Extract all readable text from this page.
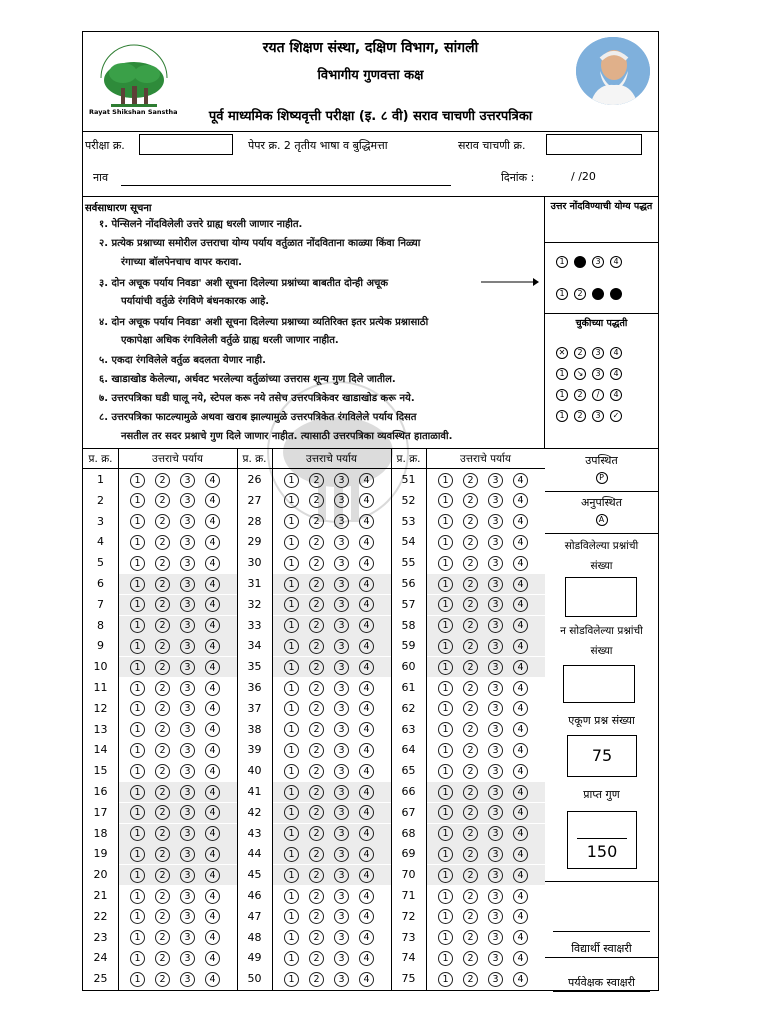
Rayat Shikshan Sanstha
रयत शिक्षण संस्था, दक्षिण विभाग, सांगली
विभागीय गुणवत्ता कक्ष
पूर्व माध्यमिक शिष्यवृत्ती परीक्षा (इ. ८ वी) सराव चाचणी उत्तरपत्रिका
परीक्षा क्र.	पेपर क्र. 2 तृतीय भाषा व बुद्धिमत्ता	सराव चाचणी क्र.
नाव	दिनांक :	/ /20
सर्वसाधारण सूचना
१. पेन्सिलने नोंदविलेली उत्तरे ग्राह्य धरली जाणार नाहीत.
२. प्रत्येक प्रश्नाच्या समोरील उत्तराचा योग्य पर्याय वर्तुळात नोंदविताना काळ्या किंवा निळ्या
रंगाच्या बॉलपेनचाच वापर करावा.
३. दोन अचूक पर्याय निवडा' अशी सूचना दिलेल्या प्रश्नांच्या बाबतीत दोन्ही अचूक
पर्यायांची वर्तुळे रंगविणे बंधनकारक आहे.
४. दोन अचूक पर्याय निवडा' अशी सूचना दिलेल्या प्रश्नाच्या व्यतिरिक्त इतर प्रत्येक प्रश्नासाठी
एकापेक्षा अधिक रंगविलेली वर्तुळे ग्राह्य धरली जाणार नाहीत.
५. एकदा रंगविलेले वर्तुळ बदलता येणार नाही.
६. खाडाखोड केलेल्या, अर्धवट भरलेल्या वर्तुळांच्या उत्तरास शून्य गुण दिले जातील.
७. उत्तरपत्रिका घडी घालू नये, स्टेपल करू नये तसेच उत्तरपत्रिकेवर खाडाखोड करू नये.
८. उत्तरपत्रिका फाटल्यामुळे अथवा खराब झाल्यामुळे उत्तरपत्रिकेत रंगविलेले पर्याय दिसत
नसतील तर सदर प्रश्नाचे गुण दिले जाणार नाहीत. त्यासाठी उत्तरपत्रिका व्यवस्थित हाताळावी.
उत्तर नोंदविण्याची योग्य पद्धत
1	3 4
1 2
चुकीच्या पद्धती
✕ 2 3 4
1 ↘ 3 4
1 2 / 4
1 2 3 ✓
प्र. क्र.	उत्तराचे पर्याय
1	1 2 3 4
2	1 2 3 4
3	1 2 3 4
4	1 2 3 4
5	1 2 3 4
6	1 2 3 4
7	1 2 3 4
8	1 2 3 4
9	1 2 3 4
10	1 2 3 4
11	1 2 3 4
12	1 2 3 4
13	1 2 3 4
14	1 2 3 4
15	1 2 3 4
16	1 2 3 4
17	1 2 3 4
18	1 2 3 4
19	1 2 3 4
20	1 2 3 4
21	1 2 3 4
22	1 2 3 4
23	1 2 3 4
24	1 2 3 4
25	1 2 3 4
प्र. क्र.	उत्तराचे पर्याय
26	1 2 3 4
27	1 2 3 4
28	1 2 3 4
29	1 2 3 4
30	1 2 3 4
31	1 2 3 4
32	1 2 3 4
33	1 2 3 4
34	1 2 3 4
35	1 2 3 4
36	1 2 3 4
37	1 2 3 4
38	1 2 3 4
39	1 2 3 4
40	1 2 3 4
41	1 2 3 4
42	1 2 3 4
43	1 2 3 4
44	1 2 3 4
45	1 2 3 4
46	1 2 3 4
47	1 2 3 4
48	1 2 3 4
49	1 2 3 4
50	1 2 3 4
प्र. क्र.	उत्तराचे पर्याय
51	1 2 3 4
52	1 2 3 4
53	1 2 3 4
54	1 2 3 4
55	1 2 3 4
56	1 2 3 4
57	1 2 3 4
58	1 2 3 4
59	1 2 3 4
60	1 2 3 4
61	1 2 3 4
62	1 2 3 4
63	1 2 3 4
64	1 2 3 4
65	1 2 3 4
66	1 2 3 4
67	1 2 3 4
68	1 2 3 4
69	1 2 3 4
70	1 2 3 4
71	1 2 3 4
72	1 2 3 4
73	1 2 3 4
74	1 2 3 4
75	1 2 3 4
उपस्थित
P
अनुपस्थित
A
सोडविलेल्या प्रश्नांची संख्या
न सोडविलेल्या प्रश्नांची संख्या
एकूण प्रश्न संख्या
75
प्राप्त गुण
150
विद्यार्थी स्वाक्षरी
पर्यवेक्षक स्वाक्षरी
